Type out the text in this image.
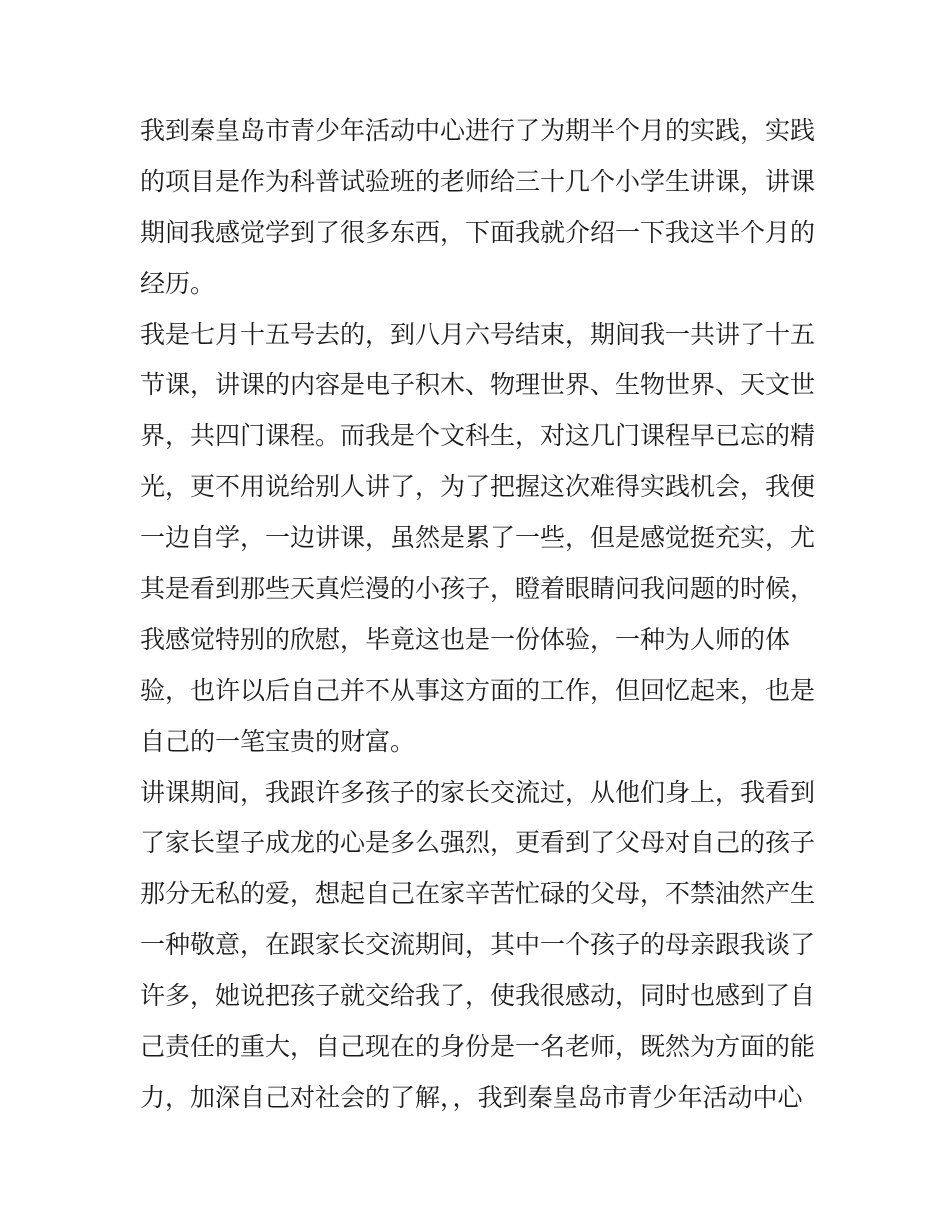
我到秦皇岛市青少年活动中心进行了为期半个月的实践，实践
的项目是作为科普试验班的老师给三十几个小学生讲课，讲课
期间我感觉学到了很多东西，下面我就介绍一下我这半个月的
经历。
我是七月十五号去的，到八月六号结束，期间我一共讲了十五
节课，讲课的内容是电子积木、物理世界、生物世界、天文世
界，共四门课程。而我是个文科生，对这几门课程早已忘的精
光，更不用说给别人讲了，为了把握这次难得实践机会，我便
一边自学，一边讲课，虽然是累了一些，但是感觉挺充实，尤
其是看到那些天真烂漫的小孩子，瞪着眼睛问我问题的时候，
我感觉特别的欣慰，毕竟这也是一份体验，一种为人师的体
验，也许以后自己并不从事这方面的工作，但回忆起来，也是
自己的一笔宝贵的财富。
讲课期间，我跟许多孩子的家长交流过，从他们身上，我看到
了家长望子成龙的心是多么强烈，更看到了父母对自己的孩子
那分无私的爱，想起自己在家辛苦忙碌的父母，不禁油然产生
一种敬意，在跟家长交流期间，其中一个孩子的母亲跟我谈了
许多，她说把孩子就交给我了，使我很感动，同时也感到了自
己责任的重大，自己现在的身份是一名老师，既然为方面的能
力，加深自己对社会的了解，，我到秦皇岛市青少年活动中心
